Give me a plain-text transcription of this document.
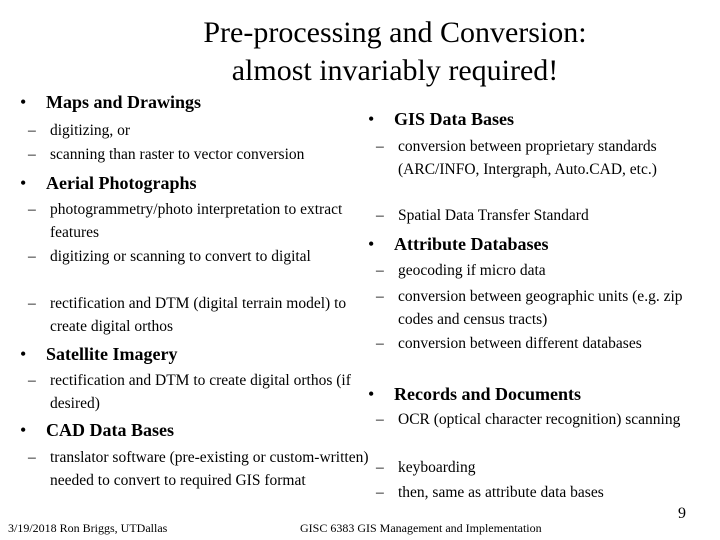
Pre-processing and Conversion:
almost invariably required!
• Maps and Drawings
– digitizing, or
– scanning than raster to vector conversion
• Aerial Photographs
– photogrammetry/photo interpretation to extract features
– digitizing or scanning to convert to digital
– rectification and DTM (digital terrain model) to create digital orthos
• Satellite Imagery
– rectification and DTM to create digital orthos (if desired)
• CAD Data Bases
– translator software (pre-existing or custom-written) needed to convert to required GIS format
• GIS Data Bases
– conversion between proprietary standards (ARC/INFO, Intergraph, Auto.CAD, etc.)
– Spatial Data Transfer Standard
• Attribute Databases
– geocoding if micro data
– conversion between geographic units (e.g. zip codes and census tracts)
– conversion between different databases
• Records and Documents
– OCR (optical character recognition) scanning
– keyboarding
– then, same as attribute data bases
3/19/2018 Ron Briggs, UTDallas	GISC 6383 GIS Management and Implementation
9
